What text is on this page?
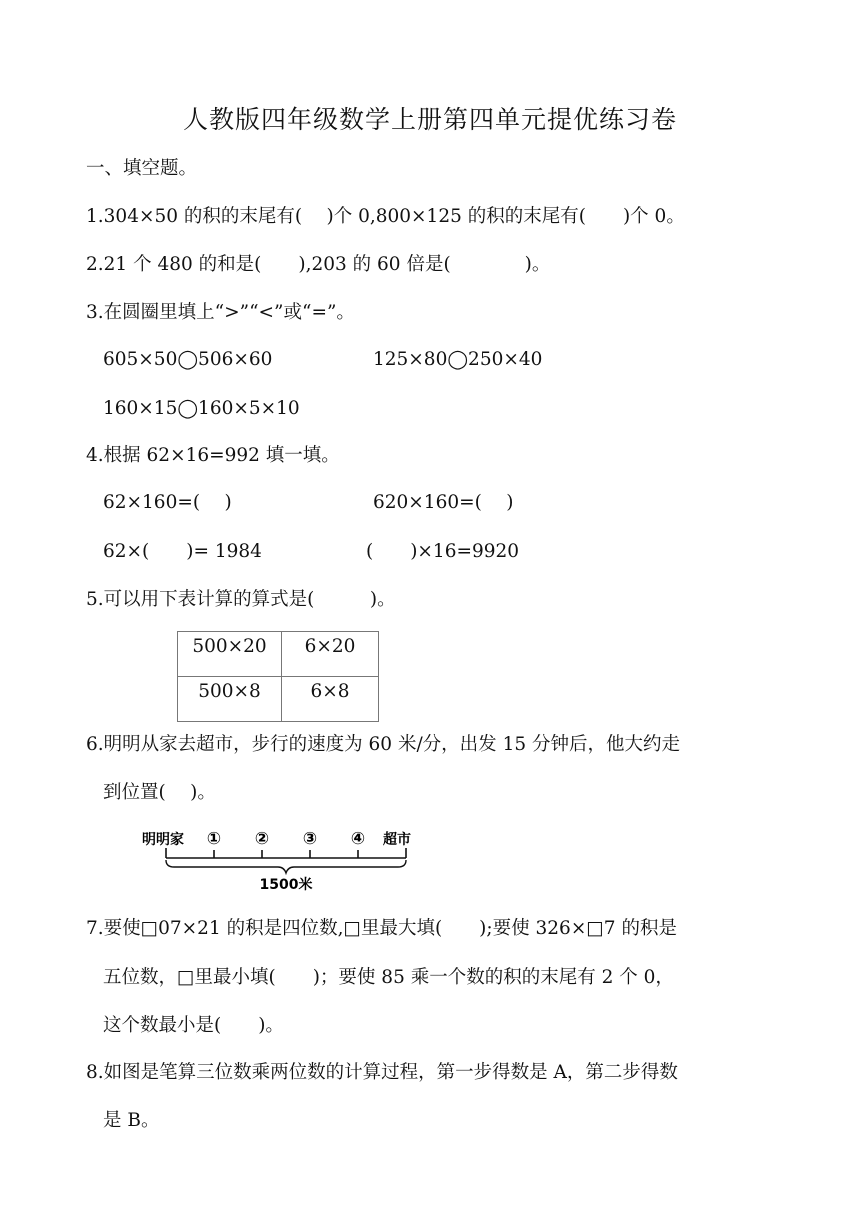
人教版四年级数学上册第四单元提优练习卷
一、填空题。
1.304×50 的积的末尾有(　 )个 0,800×125 的积的末尾有(　　)个 0。
2.21 个 480 的和是(　　),203 的 60 倍是(　　　　)。
3.在圆圈里填上“>”“<”或“=”。
605×50◯506×60	125×80◯250×40
160×15◯160×5×10
4.根据 62×16=992 填一填。
62×160=(　 )	620×160=(　 )
62×(　　)= 1984	(　　)×16=9920
5.可以用下表计算的算式是(　　　)。
500×20	6×20
500×8	6×8
6.明明从家去超市，步行的速度为 60 米/分，出发 15 分钟后，他大约走
到位置(　 )。
明明家 ① ② ③ ④ 超市
1500米
7.要使□07×21 的积是四位数,□里最大填(　　);要使 326×□7 的积是
五位数，□里最小填(　　)；要使 85 乘一个数的积的末尾有 2 个 0，
这个数最小是(　　)。
8.如图是笔算三位数乘两位数的计算过程，第一步得数是 A，第二步得数
是 B。
